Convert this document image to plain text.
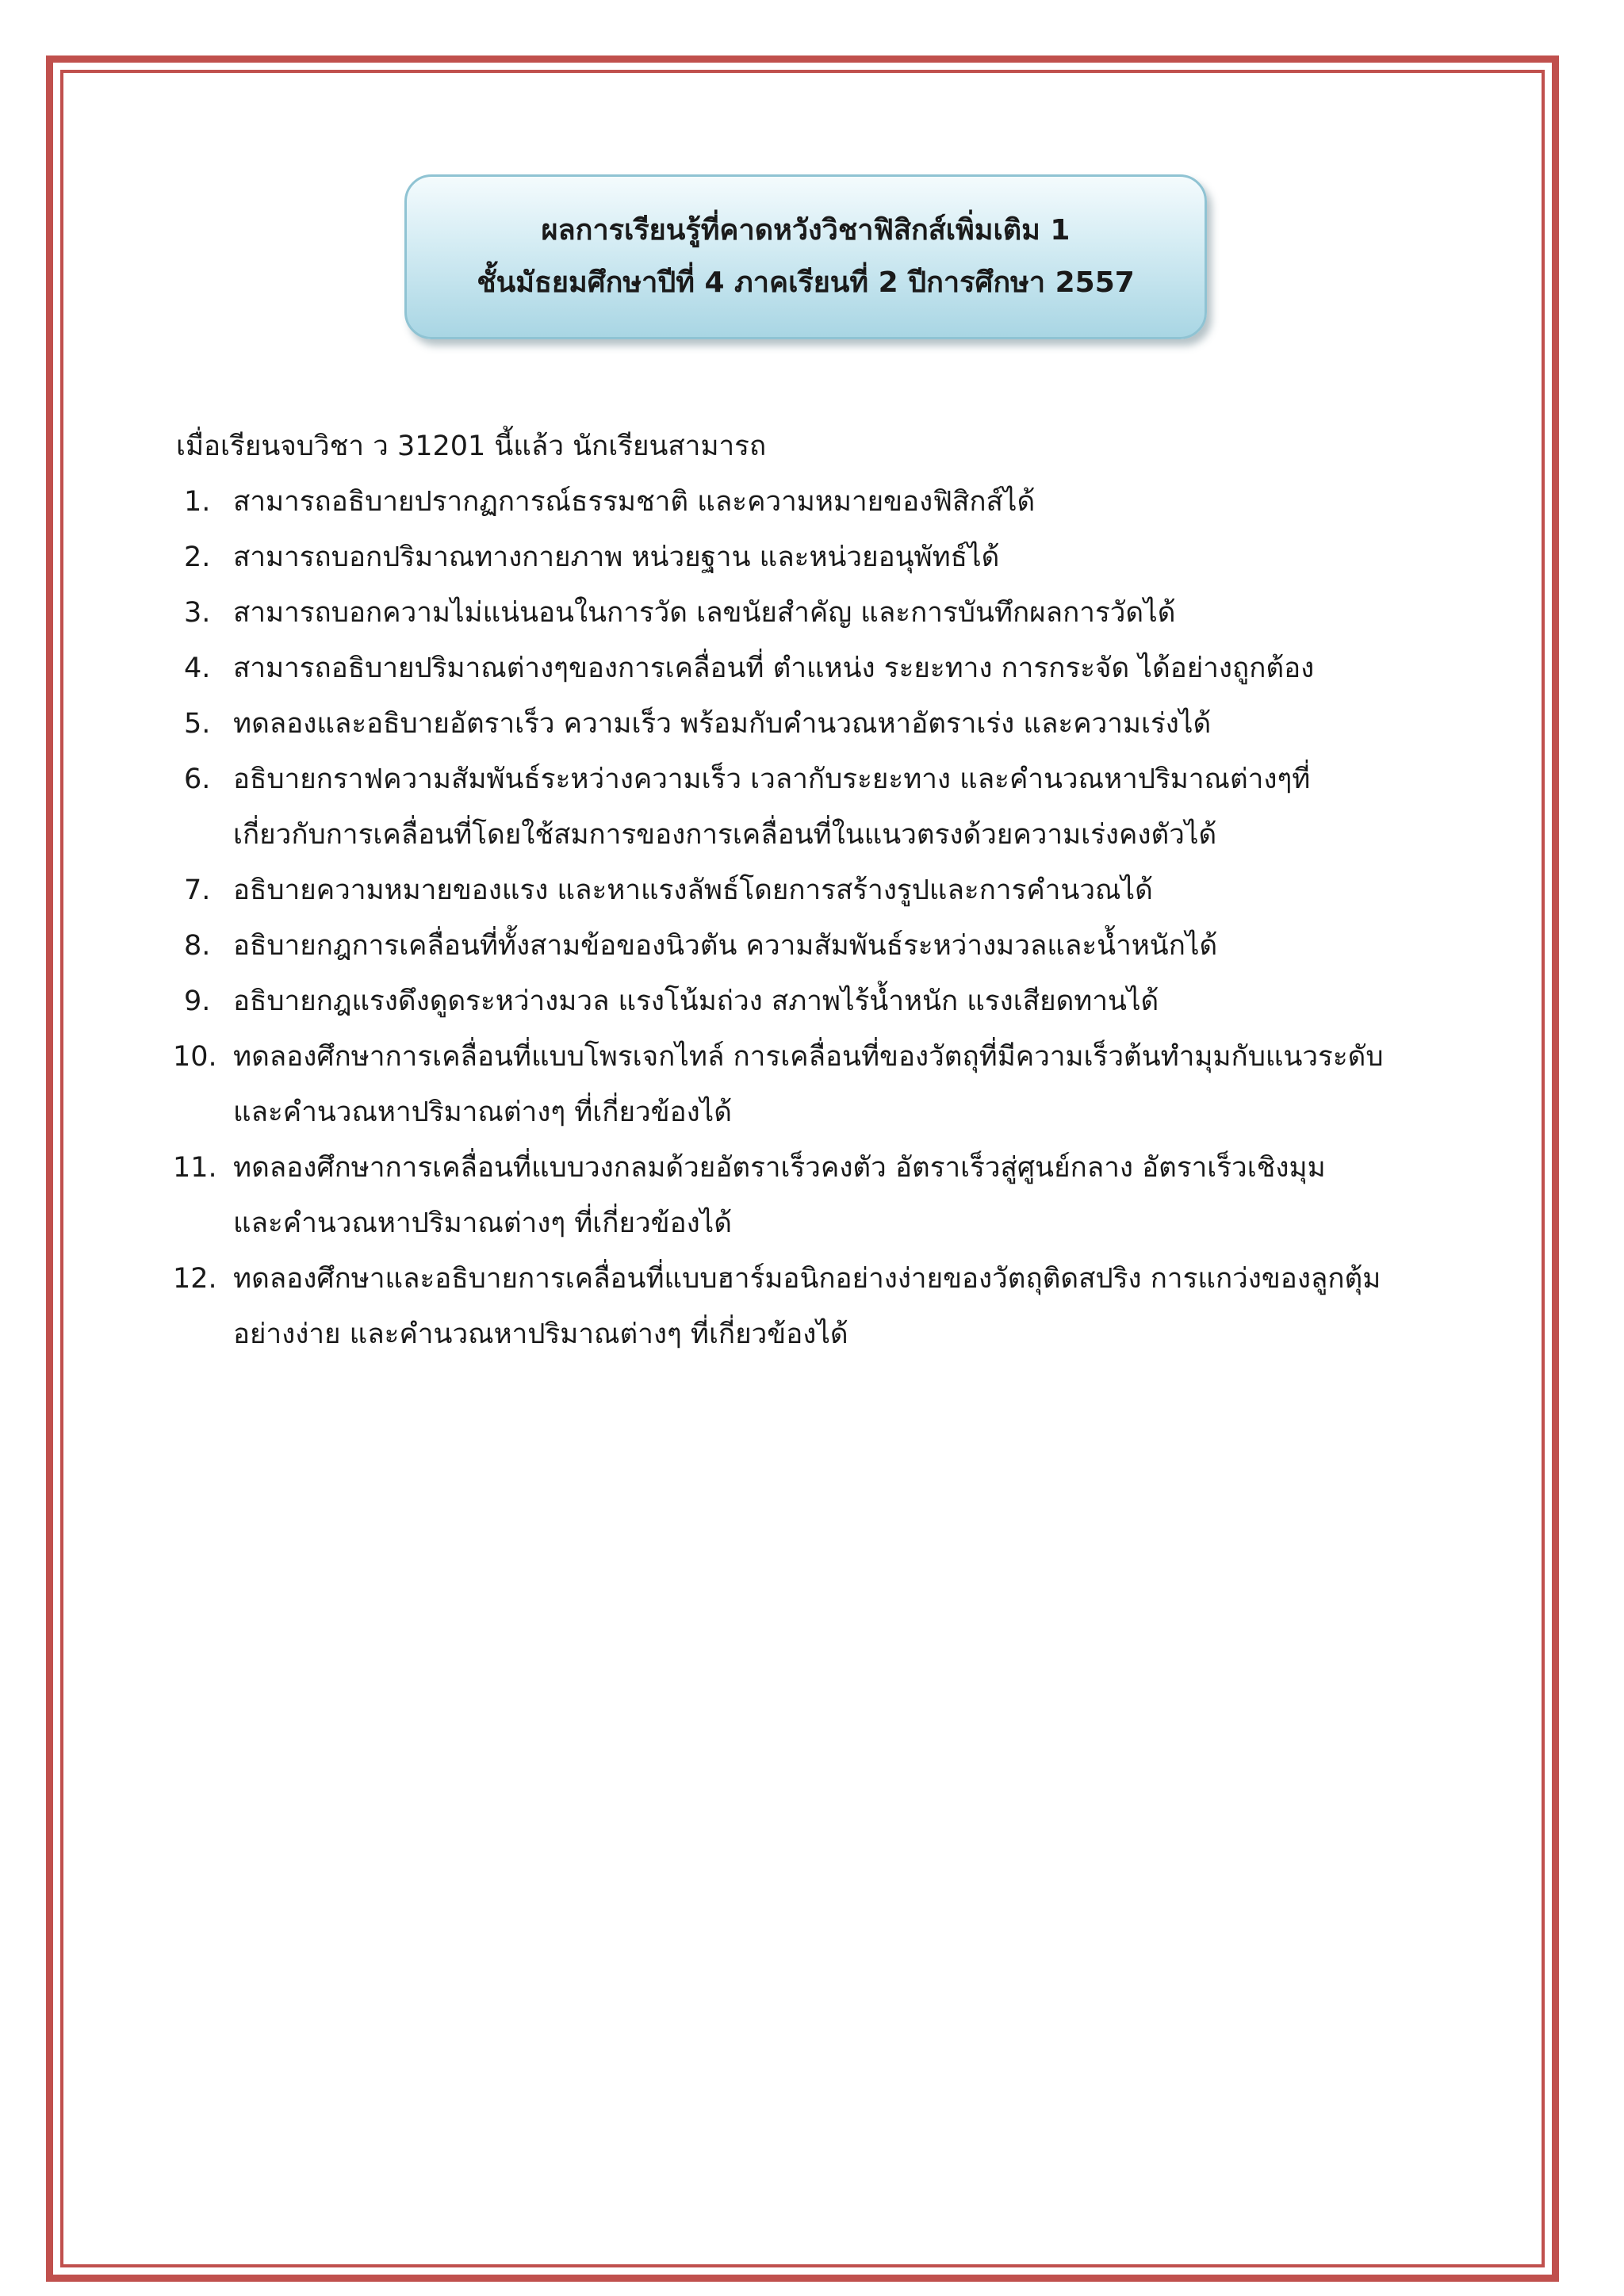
ผลการเรียนรู้ที่คาดหวังวิชาฟิสิกส์เพิ่มเติม 1
ชั้นมัธยมศึกษาปีที่ 4 ภาคเรียนที่ 2 ปีการศึกษา 2557
เมื่อเรียนจบวิชา ว 31201 นี้แล้ว นักเรียนสามารถ
1. สามารถอธิบายปรากฏการณ์ธรรมชาติ และความหมายของฟิสิกส์ได้
2. สามารถบอกปริมาณทางกายภาพ หน่วยฐาน และหน่วยอนุพัทธ์ได้
3. สามารถบอกความไม่แน่นอนในการวัด เลขนัยสำคัญ และการบันทึกผลการวัดได้
4. สามารถอธิบายปริมาณต่างๆของการเคลื่อนที่ ตำแหน่ง ระยะทาง การกระจัด ได้อย่างถูกต้อง
5. ทดลองและอธิบายอัตราเร็ว ความเร็ว พร้อมกับคำนวณหาอัตราเร่ง และความเร่งได้
6. อธิบายกราฟความสัมพันธ์ระหว่างความเร็ว เวลากับระยะทาง และคำนวณหาปริมาณต่างๆที่
เกี่ยวกับการเคลื่อนที่โดยใช้สมการของการเคลื่อนที่ในแนวตรงด้วยความเร่งคงตัวได้
7. อธิบายความหมายของแรง และหาแรงลัพธ์โดยการสร้างรูปและการคำนวณได้
8. อธิบายกฎการเคลื่อนที่ทั้งสามข้อของนิวตัน ความสัมพันธ์ระหว่างมวลและน้ำหนักได้
9. อธิบายกฎแรงดึงดูดระหว่างมวล แรงโน้มถ่วง สภาพไร้น้ำหนัก แรงเสียดทานได้
10. ทดลองศึกษาการเคลื่อนที่แบบโพรเจกไทล์ การเคลื่อนที่ของวัตถุที่มีความเร็วต้นทำมุมกับแนวระดับ
และคำนวณหาปริมาณต่างๆ ที่เกี่ยวข้องได้
11. ทดลองศึกษาการเคลื่อนที่แบบวงกลมด้วยอัตราเร็วคงตัว อัตราเร็วสู่ศูนย์กลาง อัตราเร็วเชิงมุม
และคำนวณหาปริมาณต่างๆ ที่เกี่ยวข้องได้
12. ทดลองศึกษาและอธิบายการเคลื่อนที่แบบฮาร์มอนิกอย่างง่ายของวัตถุติดสปริง การแกว่งของลูกตุ้ม
อย่างง่าย และคำนวณหาปริมาณต่างๆ ที่เกี่ยวข้องได้
